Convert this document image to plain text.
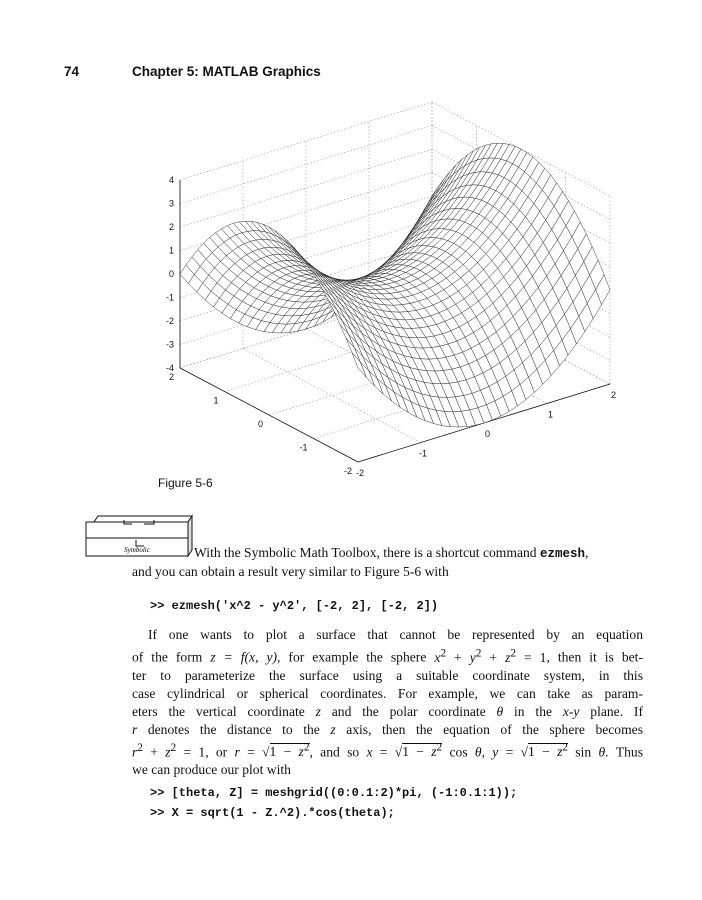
74	Chapter 5: MATLAB Graphics
4
3
2
1
0
-1
-2
-3
-4
2
1
0
-1
-2 -2
-1
0
1
2
Figure 5-6
Symbolic	With the Symbolic Math Toolbox, there is a shortcut command ezmesh,
and you can obtain a result very similar to Figure 5-6 with
>> ezmesh('x^2 - y^2', [-2, 2], [-2, 2])
If one wants to plot a surface that cannot be represented by an equation
of the form z = f(x, y), for example the sphere $x^2 + y^2 + z^2 = 1$, then it is bet-
ter to parameterize the surface using a suitable coordinate system, in this
case cylindrical or spherical coordinates. For example, we can take as param-
eters the vertical coordinate z and the polar coordinate θ in the x-y plane. If
r denotes the distance to the z axis, then the equation of the sphere becomes
$r^2 + z^2 = 1$, or $r = √1 - z^2$, and so $x = √1 - z^2$ cos θ, $y = √1 - z^2$ sin θ. Thus
we can produce our plot with
>> [theta, Z] = meshgrid((0:0.1:2)*pi, (-1:0.1:1));
>> X = sqrt(1 - Z.^2).*cos(theta);
